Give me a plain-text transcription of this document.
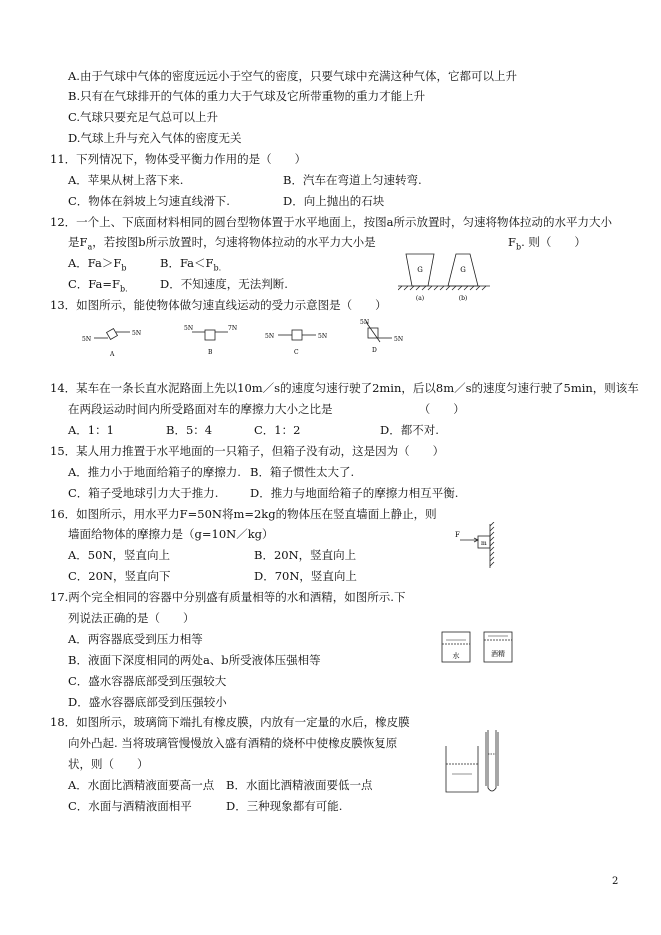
A.由于气球中气体的密度远远小于空气的密度，只要气球中充满这种气体，它都可以上升
B.只有在气球排开的气体的重力大于气球及它所带重物的重力才能上升
C.气球只要充足气总可以上升
D.气球上升与充入气体的密度无关
11．下列情况下，物体受平衡力作用的是（　　）
A．苹果从树上落下来.	B．汽车在弯道上匀速转弯.
C．物体在斜坡上匀速直线滑下.	D．向上抛出的石块
12．一个上、下底面材料相同的圆台型物体置于水平地面上，按图a所示放置时，匀速将物体拉动的水平力大小
是$F_a$，若按图b所示放置时，匀速将物体拉动的水平力大小是	$F_b$. 则（　　）
A．$Fa>F_b$	B．$Fa<F_{b.}$
C．$Fa=F_{b.}$	D．不知速度，无法判断.
G	G
(a)	(b)
13．如图所示，能使物体做匀速直线运动的受力示意图是（　　）
5N
5N
A
5N	7N
B
5N	5N
C
5N
5N
D
14．某车在一条长直水泥路面上先以10m／s的速度匀速行驶了2min，后以8m／s的速度匀速行驶了5min，则该车
在两段运动时间内所受路面对车的摩擦力大小之比是　　　　　　　　（　　）
A．1：1	B．5：4	C．1：2	D．都不对.
15．某人用力推置于水平地面的一只箱子，但箱子没有动，这是因为（　　）
A．推力小于地面给箱子的摩擦力. B．箱子惯性太大了.
C．箱子受地球引力大于推力.	D．推力与地面给箱子的摩擦力相互平衡.
16．如图所示，用水平力F=50N将m=2kg的物体压在竖直墙面上静止，则
墙面给物体的摩擦力是（g=10N／kg）
A．50N，竖直向上	B．20N，竖直向上
C．20N，竖直向下	D．70N，竖直向上
F
m
17.两个完全相同的容器中分别盛有质量相等的水和酒精，如图所示.下
列说法正确的是（　　）
A．两容器底受到压力相等
B．液面下深度相同的两处a、b所受液体压强相等
C．盛水容器底部受到压强较大
D．盛水容器底部受到压强较小
水	酒精
18．如图所示，玻璃筒下端扎有橡皮膜，内放有一定量的水后，橡皮膜
向外凸起. 当将玻璃管慢慢放入盛有酒精的烧杯中使橡皮膜恢复原
状，则（　　）
A．水面比酒精液面要高一点 B．水面比酒精液面要低一点
C．水面与酒精液面相平	D．三种现象都有可能.
2
